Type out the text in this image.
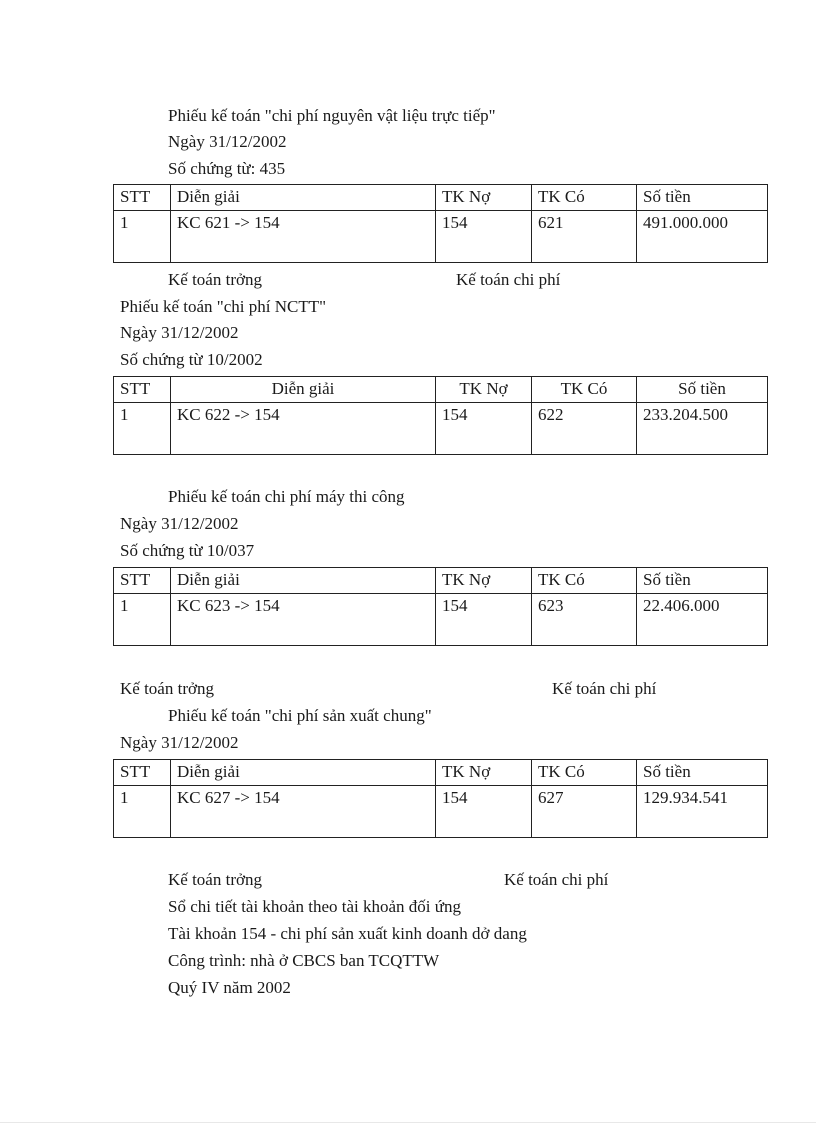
Phiếu kế toán "chi phí nguyên vật liệu trực tiếp"
Ngày 31/12/2002
Số chứng từ: 435
STT	Diễn giải	TK Nợ	TK Có	Số tiền
1	KC 621 -> 154	154	621	491.000.000
Kế toán trởng	Kế toán chi phí
Phiếu kế toán "chi phí NCTT"
Ngày 31/12/2002
Số chứng từ 10/2002
STT	Diễn giải	TK Nợ	TK Có	Số tiền
1	KC 622 -> 154	154	622	233.204.500
Phiếu kế toán chi phí máy thi công
Ngày 31/12/2002
Số chứng từ 10/037
STT	Diễn giải	TK Nợ	TK Có	Số tiền
1	KC 623 -> 154	154	623	22.406.000
Kế toán trởng	Kế toán chi phí
Phiếu kế toán "chi phí sản xuất chung"
Ngày 31/12/2002
STT	Diễn giải	TK Nợ	TK Có	Số tiền
1	KC 627 -> 154	154	627	129.934.541
Kế toán trởng	Kế toán chi phí
Sổ chi tiết tài khoản theo tài khoản đối ứng
Tài khoản 154 - chi phí sản xuất kinh doanh dở dang
Công trình: nhà ở CBCS ban TCQTTW
Quý IV năm 2002
